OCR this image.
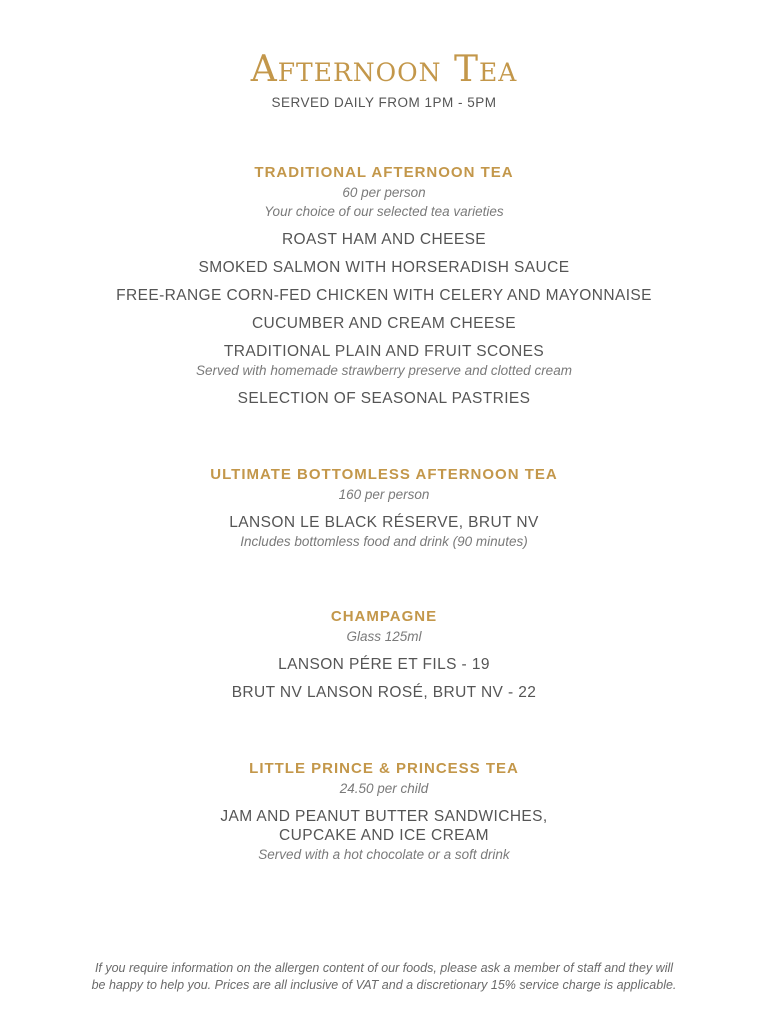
Afternoon Tea
SERVED DAILY FROM 1PM - 5PM
TRADITIONAL AFTERNOON TEA
60 per person
Your choice of our selected tea varieties
ROAST HAM AND CHEESE
SMOKED SALMON WITH HORSERADISH SAUCE
FREE-RANGE CORN-FED CHICKEN WITH CELERY AND MAYONNAISE
CUCUMBER AND CREAM CHEESE
TRADITIONAL PLAIN AND FRUIT SCONES
Served with homemade strawberry preserve and clotted cream
SELECTION OF SEASONAL PASTRIES
ULTIMATE BOTTOMLESS AFTERNOON TEA
160 per person
LANSON LE BLACK RÉSERVE, BRUT NV
Includes bottomless food and drink (90 minutes)
CHAMPAGNE
Glass 125ml
LANSON PÉRE ET FILS - 19
BRUT NV LANSON ROSÉ, BRUT NV - 22
LITTLE PRINCE & PRINCESS TEA
24.50 per child
JAM AND PEANUT BUTTER SANDWICHES,
CUPCAKE AND ICE CREAM
Served with a hot chocolate or a soft drink
If you require information on the allergen content of our foods, please ask a member of staff and they will
be happy to help you. Prices are all inclusive of VAT and a discretionary 15% service charge is applicable.
